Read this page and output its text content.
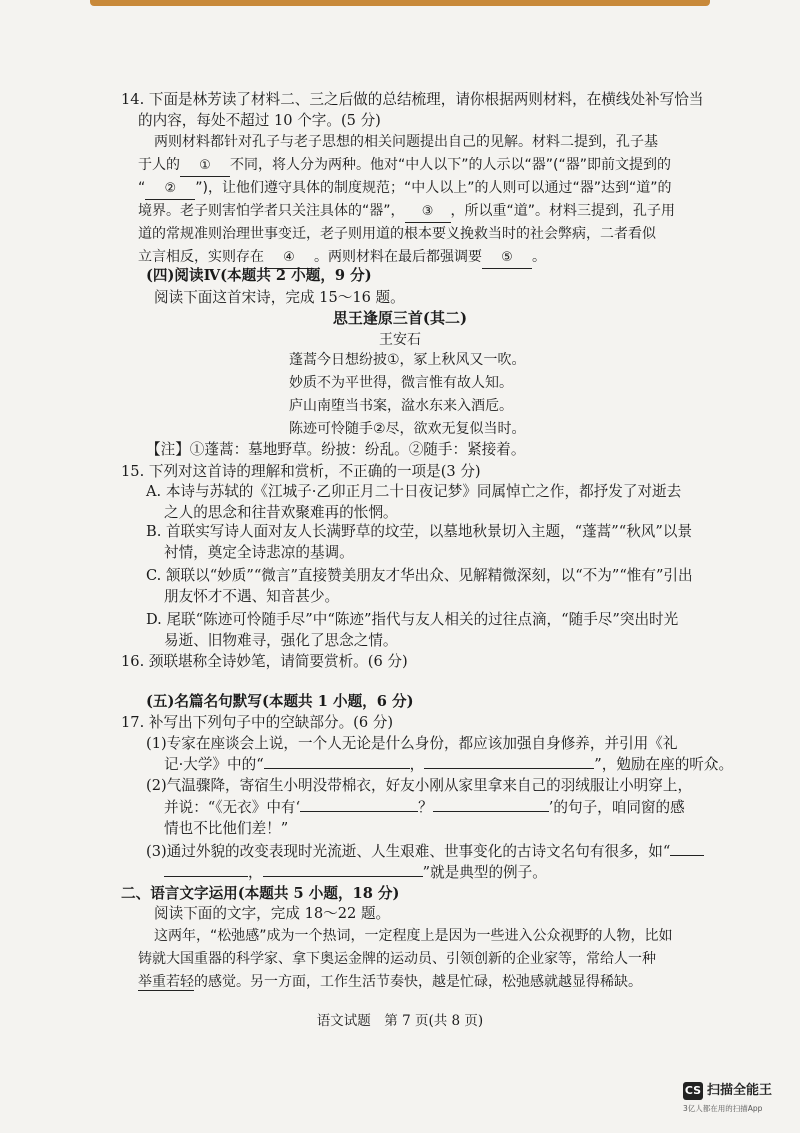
14. 下面是林芳读了材料二、三之后做的总结梳理，请你根据两则材料，在横线处补写恰当
的内容，每处不超过 10 个字。(5 分)
两则材料都针对孔子与老子思想的相关问题提出自己的见解。材料二提到，孔子基
于人的 ① 不同，将人分为两种。他对“中人以下”的人示以“器”(“器”即前文提到的
“ ② ”)，让他们遵守具体的制度规范；“中人以上”的人则可以通过“器”达到“道”的
境界。老子则害怕学者只关注具体的“器”， ③ ，所以重“道”。材料三提到，孔子用
道的常规准则治理世事变迁，老子则用道的根本要义挽救当时的社会弊病，二者看似
立言相反，实则存在 ④ 。两则材料在最后都强调要 ⑤ 。
(四)阅读Ⅳ(本题共 2 小题，9 分)
阅读下面这首宋诗，完成 15～16 题。
思王逢原三首(其二)
王安石
蓬蒿今日想纷披①，冢上秋风又一吹。
妙质不为平世得，微言惟有故人知。
庐山南堕当书案，湓水东来入酒卮。
陈迹可怜随手②尽，欲欢无复似当时。
【注】①蓬蒿：墓地野草。纷披：纷乱。②随手：紧接着。
15. 下列对这首诗的理解和赏析，不正确的一项是(3 分)
A. 本诗与苏轼的《江城子·乙卯正月二十日夜记梦》同属悼亡之作，都抒发了对逝去
之人的思念和往昔欢聚难再的怅惘。
B. 首联实写诗人面对友人长满野草的坟茔，以墓地秋景切入主题，“蓬蒿”“秋风”以景
衬情，奠定全诗悲凉的基调。
C. 颔联以“妙质”“微言”直接赞美朋友才华出众、见解精微深刻，以“不为”“惟有”引出
朋友怀才不遇、知音甚少。
D. 尾联“陈迹可怜随手尽”中“陈迹”指代与友人相关的过往点滴，“随手尽”突出时光
易逝、旧物难寻，强化了思念之情。
16. 颈联堪称全诗妙笔，请简要赏析。(6 分)
(五)名篇名句默写(本题共 1 小题，6 分)
17. 补写出下列句子中的空缺部分。(6 分)
(1)专家在座谈会上说，一个人无论是什么身份，都应该加强自身修养，并引用《礼
记·大学》中的“	，	”，勉励在座的听众。
(2)气温骤降，寄宿生小明没带棉衣，好友小刚从家里拿来自己的羽绒服让小明穿上，
并说：“《无衣》中有‘	？	’的句子，咱同窗的感
情也不比他们差！”
(3)通过外貌的改变表现时光流逝、人生艰难、世事变化的古诗文名句有很多，如“
，	”就是典型的例子。
二、语言文字运用(本题共 5 小题，18 分)
阅读下面的文字，完成 18～22 题。
这两年，“松弛感”成为一个热词，一定程度上是因为一些进入公众视野的人物，比如
铸就大国重器的科学家、拿下奥运金牌的运动员、引领创新的企业家等，常给人一种
举重若轻的感觉。另一方面，工作生活节奏快，越是忙碌，松弛感就越显得稀缺。
语文试题　第 7 页(共 8 页)
CS 扫描全能王
3亿人都在用的扫描App
